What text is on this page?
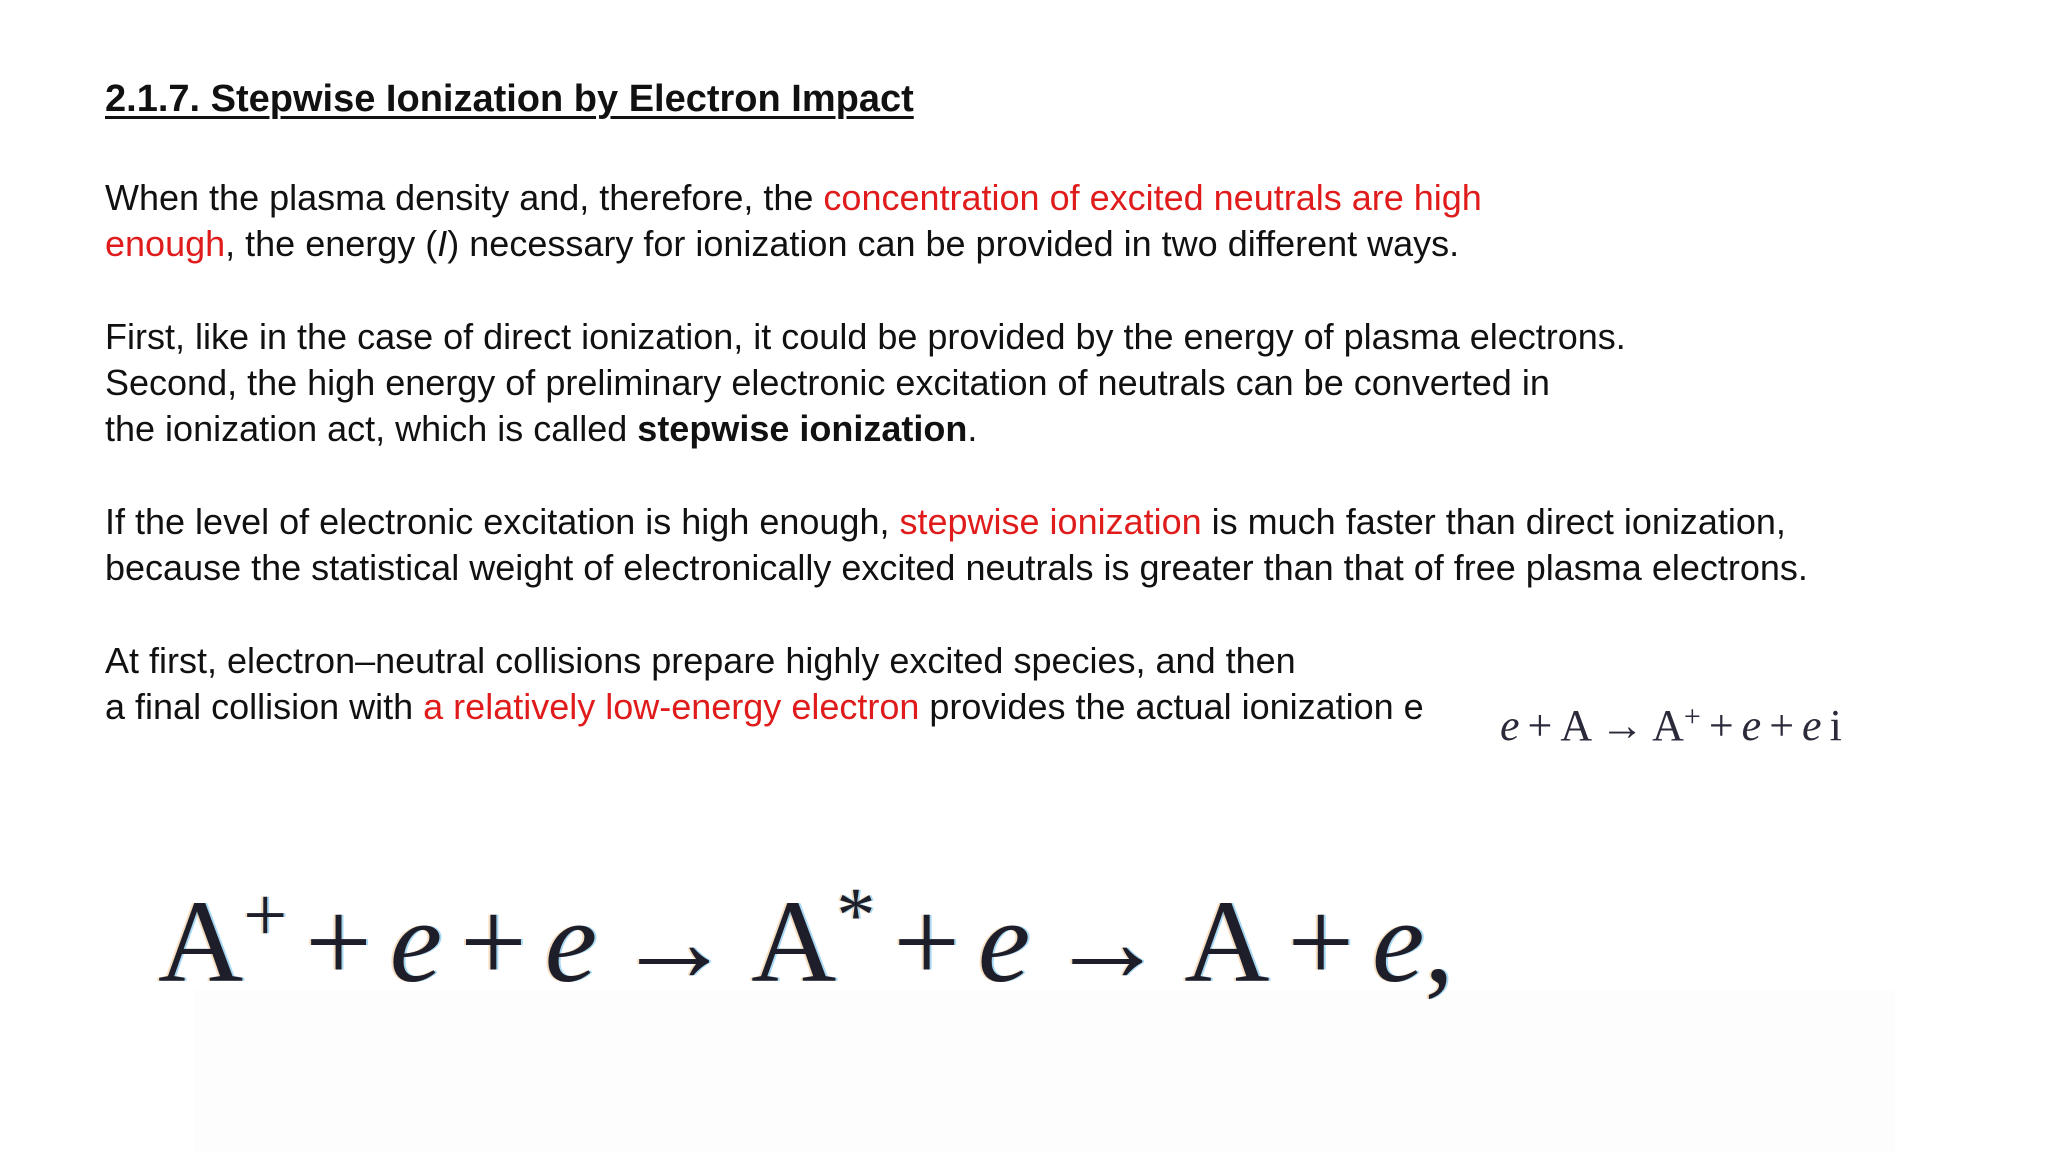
2.1.7. Stepwise Ionization by Electron Impact
When the plasma density and, therefore, the concentration of excited neutrals are high
enough, the energy (I) necessary for ionization can be provided in two different ways.
First, like in the case of direct ionization, it could be provided by the energy of plasma electrons.
Second, the high energy of preliminary electronic excitation of neutrals can be converted in
the ionization act, which is called stepwise ionization.
If the level of electronic excitation is high enough, stepwise ionization is much faster than direct ionization,
because the statistical weight of electronically excited neutrals is greater than that of free plasma electrons.
At first, electron–neutral collisions prepare highly excited species, and then
a final collision with a relatively low-energy electron provides the actual ionization e e + A → A+ + e + e i
A+ + e + e → A* + e → A + e,
